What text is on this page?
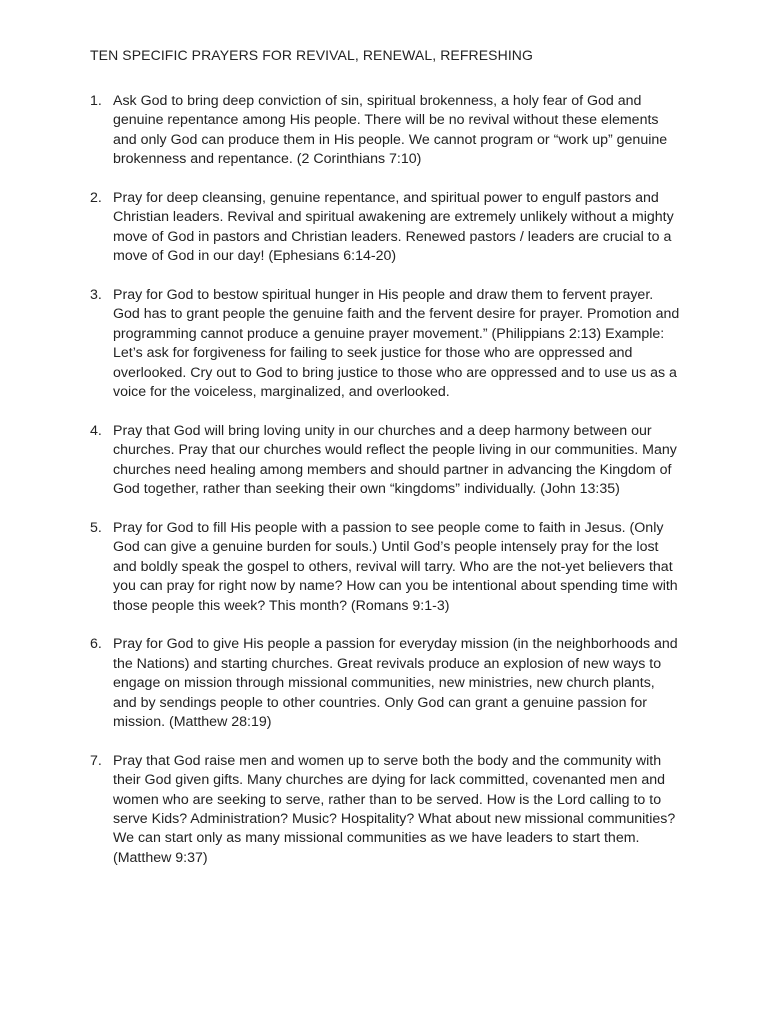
TEN SPECIFIC PRAYERS FOR REVIVAL, RENEWAL, REFRESHING
1. Ask God to bring deep conviction of sin, spiritual brokenness, a holy fear of God and genuine repentance among His people. There will be no revival without these elements and only God can produce them in His people. We cannot program or “work up” genuine brokenness and repentance. (2 Corinthians 7:10)
2. Pray for deep cleansing, genuine repentance, and spiritual power to engulf pastors and Christian leaders. Revival and spiritual awakening are extremely unlikely without a mighty move of God in pastors and Christian leaders. Renewed pastors / leaders are crucial to a move of God in our day! (Ephesians 6:14-20)
3. Pray for God to bestow spiritual hunger in His people and draw them to fervent prayer. God has to grant people the genuine faith and the fervent desire for prayer. Promotion and programming cannot produce a genuine prayer movement.” (Philippians 2:13) Example: Let’s ask for forgiveness for failing to seek justice for those who are oppressed and overlooked. Cry out to God to bring justice to those who are oppressed and to use us as a voice for the voiceless, marginalized, and overlooked.
4. Pray that God will bring loving unity in our churches and a deep harmony between our churches. Pray that our churches would reflect the people living in our communities. Many churches need healing among members and should partner in advancing the Kingdom of God together, rather than seeking their own “kingdoms” individually. (John 13:35)
5. Pray for God to fill His people with a passion to see people come to faith in Jesus. (Only God can give a genuine burden for souls.) Until God’s people intensely pray for the lost and boldly speak the gospel to others, revival will tarry. Who are the not-yet believers that you can pray for right now by name? How can you be intentional about spending time with those people this week? This month? (Romans 9:1-3)
6. Pray for God to give His people a passion for everyday mission (in the neighborhoods and the Nations) and starting churches. Great revivals produce an explosion of new ways to engage on mission through missional communities, new ministries, new church plants, and by sendings people to other countries. Only God can grant a genuine passion for mission. (Matthew 28:19)
7. Pray that God raise men and women up to serve both the body and the community with their God given gifts. Many churches are dying for lack committed, covenanted men and women who are seeking to serve, rather than to be served. How is the Lord calling to to serve Kids? Administration? Music? Hospitality? What about new missional communities? We can start only as many missional communities as we have leaders to start them. (Matthew 9:37)
